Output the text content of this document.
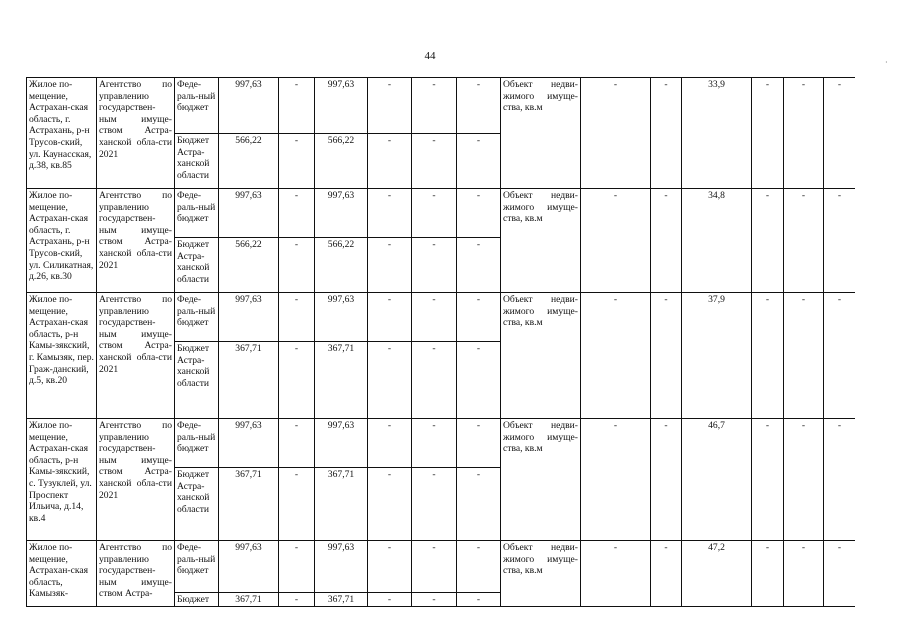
44
Жилое по-мещение, Астрахан-ская область, г. Астрахань, р-н Трусов-ский, ул. Каунасская, д.38, кв.85	Агентство по управлению государствен-ным имуще-ством Астра-ханской обла-сти 2021	Феде-раль-ный бюджет	997,63	-	997,63	-	-	-	Объект недви-жимого имуще-ства, кв.м	-	-	33,9	-	-	-
		Бюджет Астра-ханской области	566,22	-	566,22	-	-	-							
Жилое по-мещение, Астрахан-ская область, г. Астрахань, р-н Трусов-ский, ул. Силикатная, д.26, кв.30	Агентство по управлению государствен-ным имуще-ством Астра-ханской обла-сти 2021	Феде-раль-ный бюджет	997,63	-	997,63	-	-	-	Объект недви-жимого имуще-ства, кв.м	-	-	34,8	-	-	-
		Бюджет Астра-ханской области	566,22	-	566,22	-	-	-							
Жилое по-мещение, Астрахан-ская область, р-н Камы-зякский, г. Камызяк, пер. Граж-данский, д.5, кв.20	Агентство по управлению государствен-ным имуще-ством Астра-ханской обла-сти 2021	Феде-раль-ный бюджет	997,63	-	997,63	-	-	-	Объект недви-жимого имуще-ства, кв.м	-	-	37,9	-	-	-
		Бюджет Астра-ханской области	367,71	-	367,71	-	-	-							
Жилое по-мещение, Астрахан-ская область, р-н Камы-зякский, с. Тузуклей, ул. Проспект Ильича, д.14, кв.4	Агентство по управлению государствен-ным имуще-ством Астра-ханской обла-сти 2021	Феде-раль-ный бюджет	997,63	-	997,63	-	-	-	Объект недви-жимого имуще-ства, кв.м	-	-	46,7	-	-	-
		Бюджет Астра-ханской области	367,71	-	367,71	-	-	-							
Жилое по-мещение, Астрахан-ская область, Камызяк-	Агентство по управлению государствен-ным имуще-ством Астра-	Феде-раль-ный бюджет	997,63	-	997,63	-	-	-	Объект недви-жимого имуще-ства, кв.м	-	-	47,2	-	-	-
		Бюджет	367,71	-	367,71	-	-	-							
·
